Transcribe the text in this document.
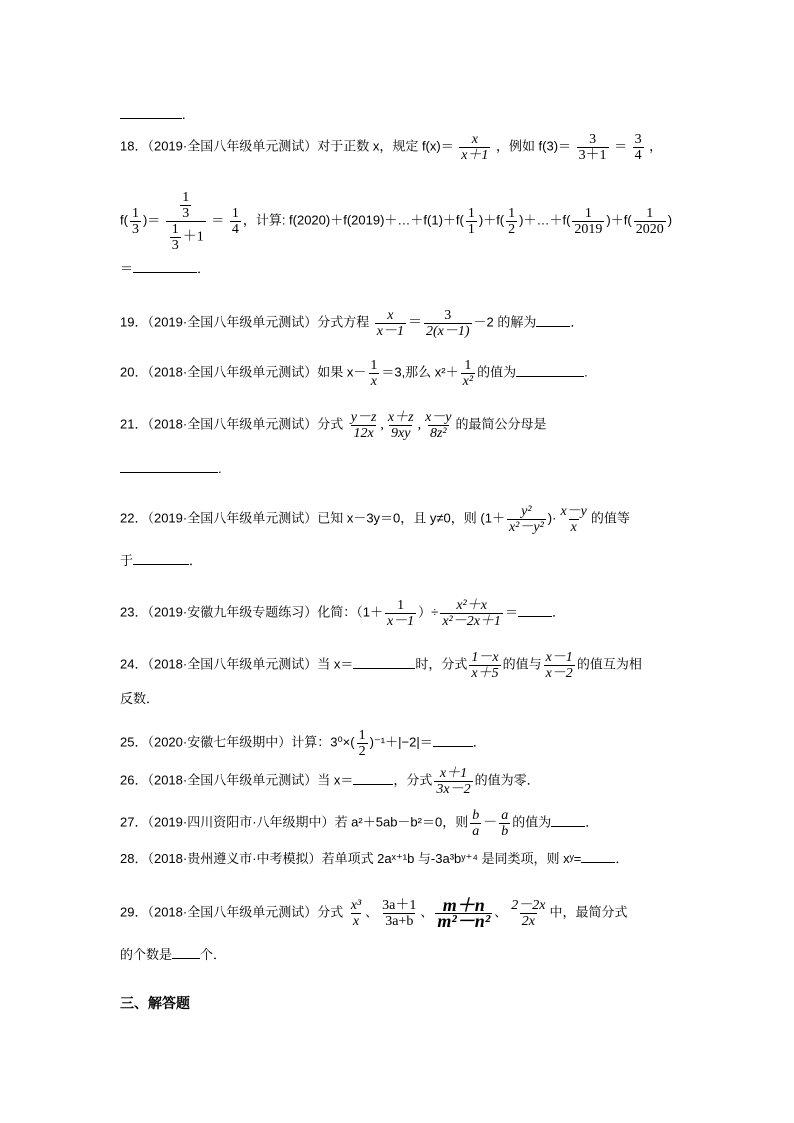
.
18．（2019·全国八年级单元测试）对于正数 x，规定 $f(x)= \frac{x}{x+1}$ ，例如 $f(3)= \frac{3}{3+1} = \frac{3}{4}$ ，
$f( \frac{1}{3}$ )＝ $\frac{\frac{1}{3}}{\frac{1}{3} +1} = \frac{1}{4}$ ，计算: f(2020)＋f(2019)＋…＋f(1)＋f( $\frac{1}{1} )+f( \frac{1}{2}$ )＋…＋f( $\frac{1}{2019} )+f( \frac{1}{2020}$ )
＝	．
19．（2019·全国八年级单元测试）分式方程 $\frac{x}{x-1} = \frac{3}{2(x-1)} -2$ 的解为	．
20．（2018·全国八年级单元测试）如果 $x- \frac{1}{x} =3$,那么 $x^2+ \frac{1}{\text{x²}}$ 的值为	.
21．（2018·全国八年级单元测试）分式 $\frac{y-z}{12x}$ , $\frac{x+z}{9xy}$ , $\frac{x-y}{\text{8z²}}$ 的最简公分母是
.
22．（2019·全国八年级单元测试）已知 x－3y＝0，且 y≠0，则 ($1+ \frac{\text{y²}}{\text{x²－y²}}$ )· $\frac{x-y}{x}$ 的值等
于	．
23．（2019·安徽九年级专题练习）化简：（$1+ \frac{1}{x-1}$ ）÷ $\frac{\text{x²＋x}}{\text{x²－2x＋1}}$ ＝	．
24．（2018·全国八年级单元测试）当 x＝	时，分式 $\frac{1-x}{x+5}$ 的值与 $\frac{x-1}{x-2}$ 的值互为相
反数．
25．（2020·安徽七年级期中）计算：$3^0\times( \frac{1}{2} )^{-1}+|-2|=$	．
26．（2018·全国八年级单元测试）当 x＝	，分式 $\frac{x+1}{3x-2}$ 的值为零．
27．（2019·四川资阳市·八年级期中）若 a²＋5ab－b²＝0，则 $\frac{b}{a} - \frac{a}{b}$ 的值为	．
28．（2018·贵州遵义市·中考模拟）若单项式 2aˣ⁺¹b 与-3a³bʸ⁺⁴ 是同类项，则 xʸ=	．
29．（2018·全国八年级单元测试）分式 $\frac{\text{x³}}{x}$ 、 $\frac{3a+1}{3a+b}$ 、 $\frac{m+n}{\text{m²－n²}}$ 、 $\frac{2-2x}{2x}$ 中，最简分式
的个数是 个．
三、解答题
